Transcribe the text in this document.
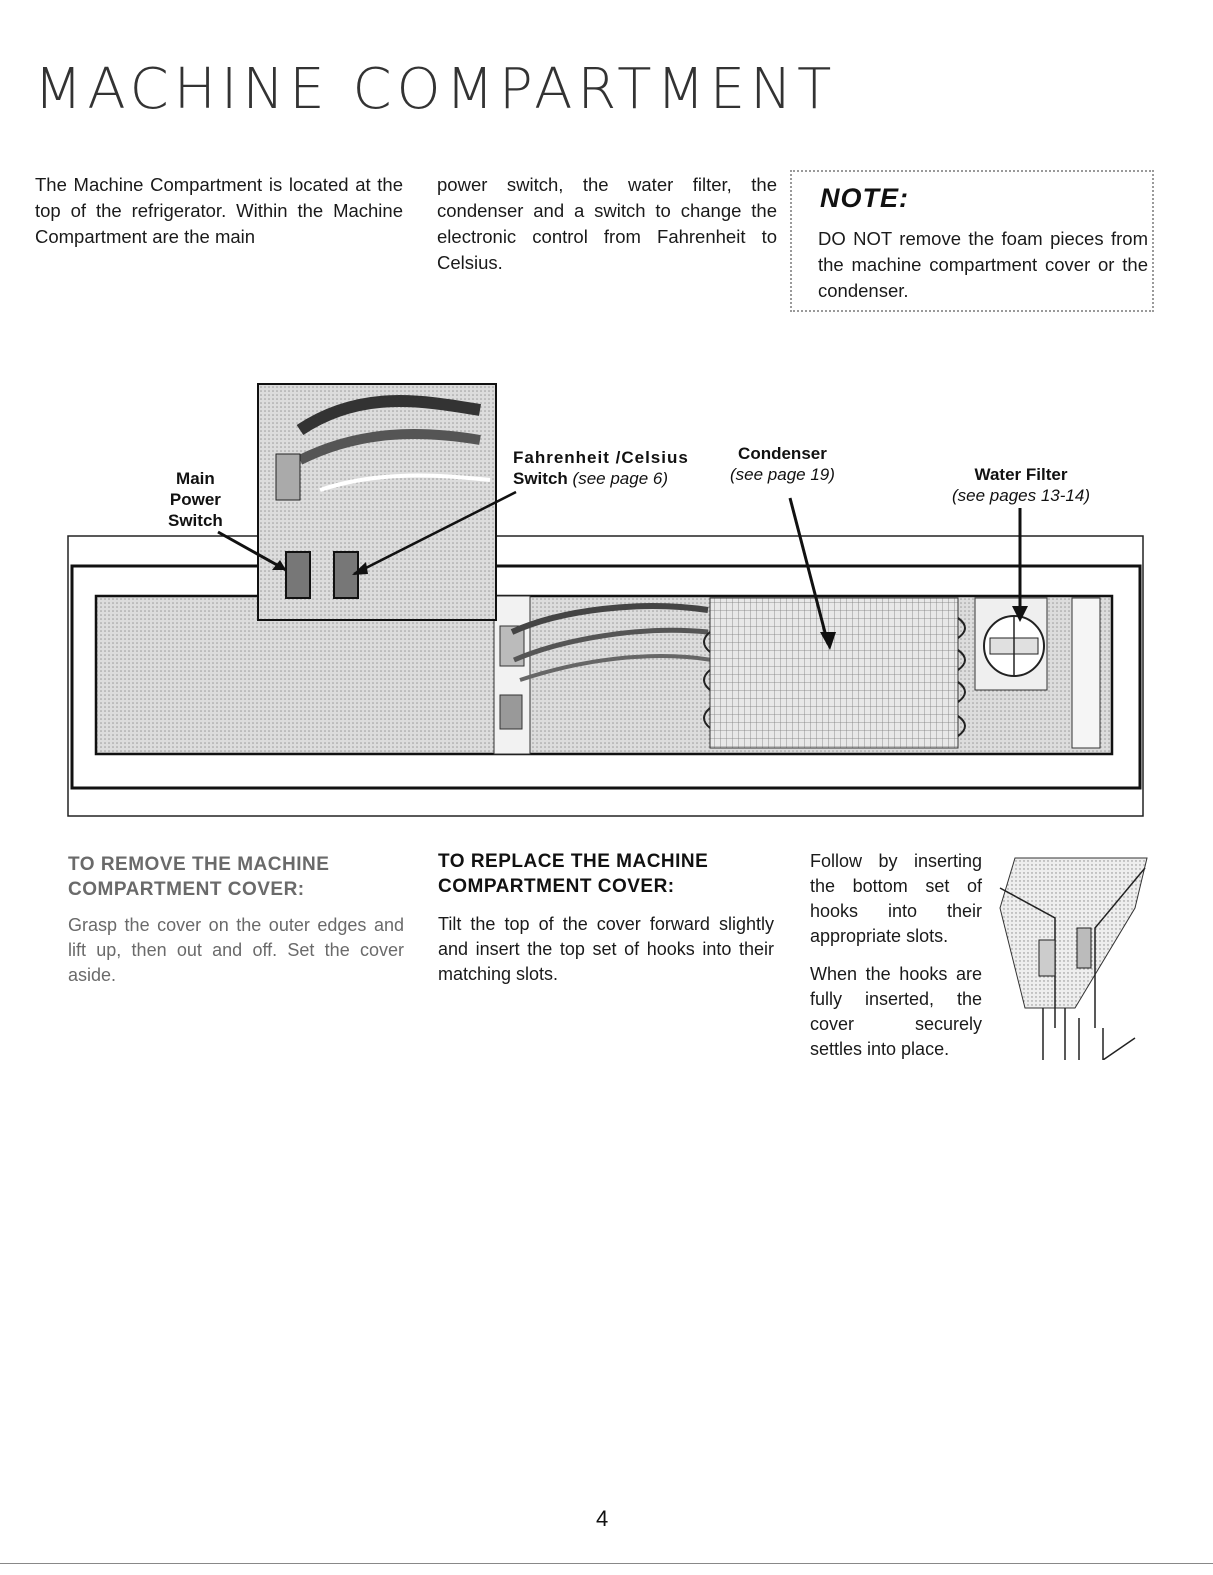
MACHINE COMPARTMENT
The Machine Compartment is located at the top of the refrigerator. Within the Machine Compartment are the main
power switch, the water filter, the condenser and a switch to change the electronic control from Fahrenheit to Celsius.
NOTE:
DO NOT remove the foam pieces from the machine compartment cover or the condenser.
Main
Power
Switch
Fahrenheit /Celsius
Switch (see page 6)
Condenser
(see page 19)	Water Filter
(see pages 13-14)
TO REMOVE THE MACHINE
COMPARTMENT COVER:
Grasp the cover on the outer edges and lift up, then out and off. Set the cover aside.
TO REPLACE THE MACHINE
COMPARTMENT COVER:
Tilt the top of the cover forward slightly and insert the top set of hooks into their matching slots.
Follow by inserting the bottom set of hooks into their appropriate slots.
When the hooks are fully inserted, the cover securely settles into place.
4
